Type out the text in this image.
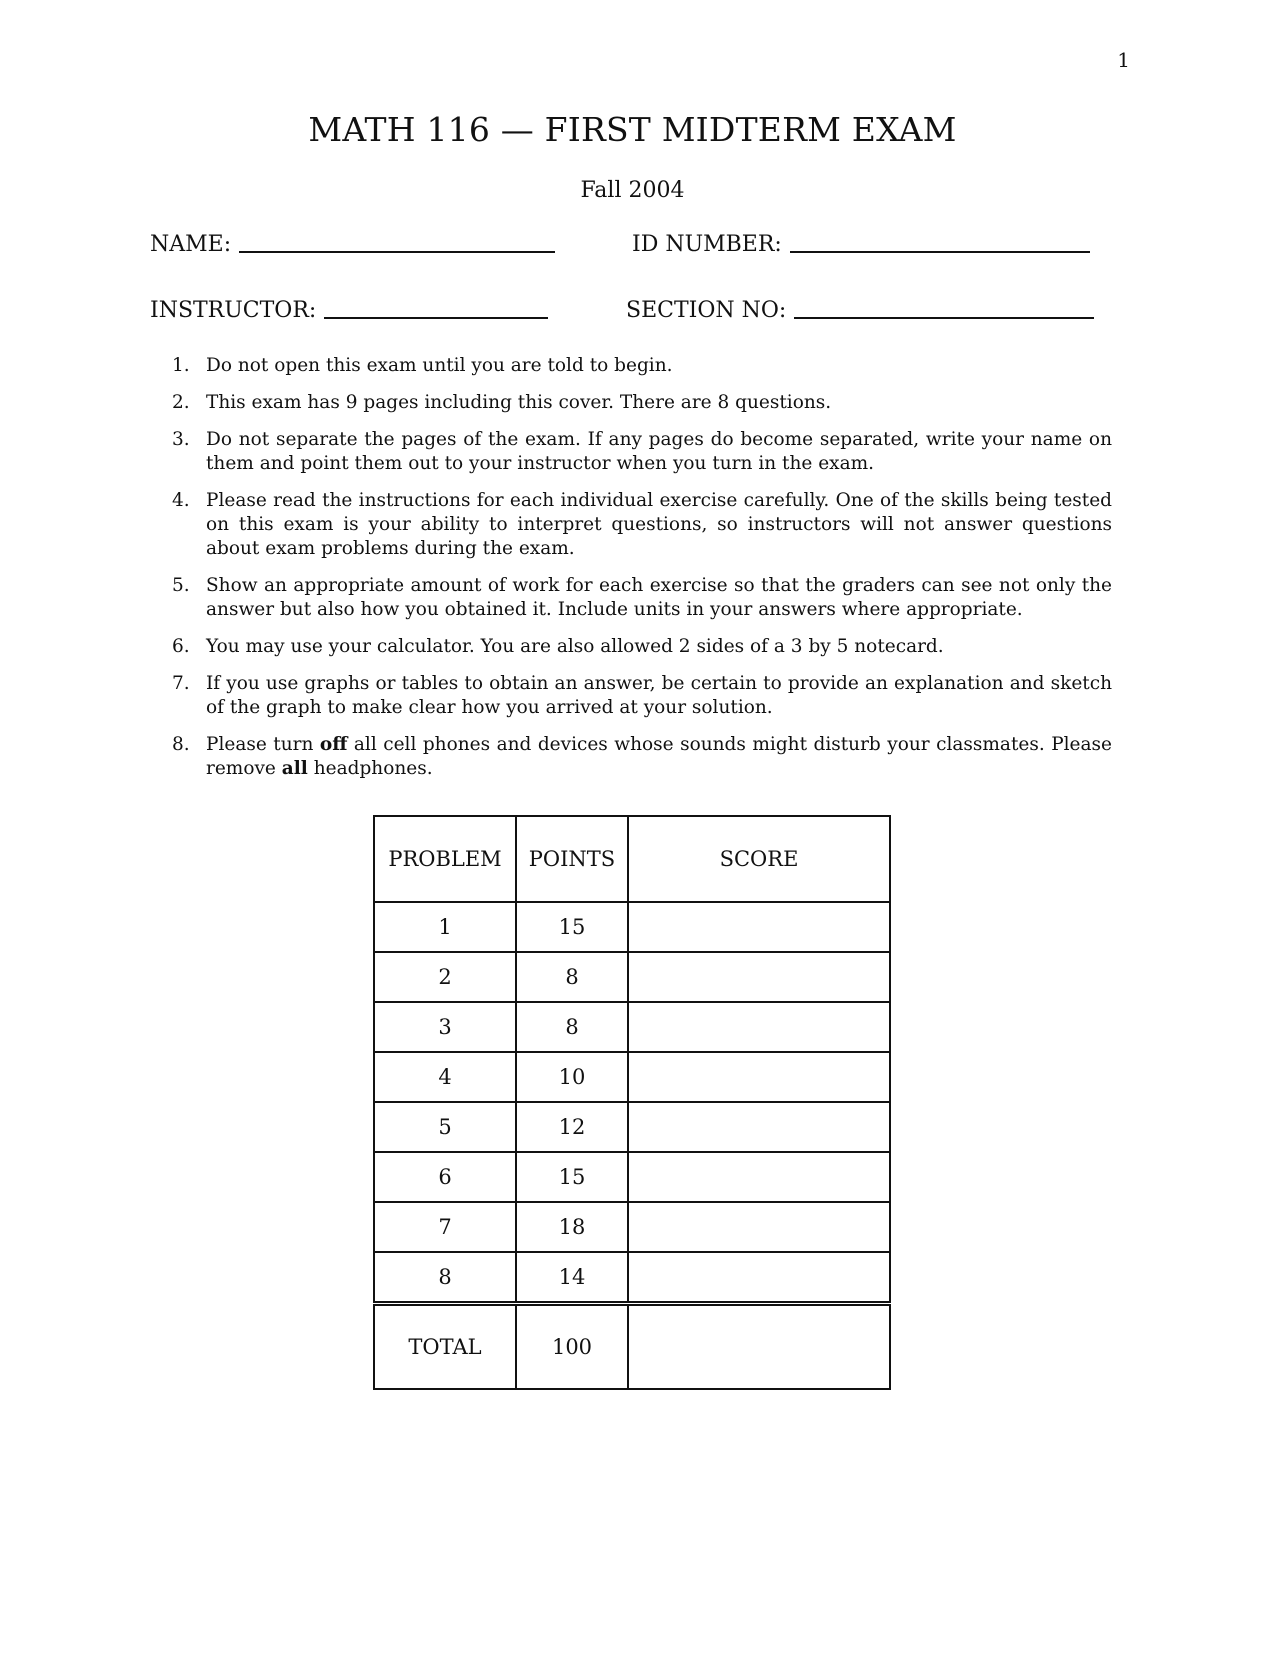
1
MATH 116 — FIRST MIDTERM EXAM
Fall 2004
NAME:	ID NUMBER:
INSTRUCTOR:	SECTION NO:
1. Do not open this exam until you are told to begin.
2. This exam has 9 pages including this cover. There are 8 questions.
3. Do not separate the pages of the exam. If any pages do become separated, write your name on them and point them out to your instructor when you turn in the exam.
4. Please read the instructions for each individual exercise carefully. One of the skills being tested on this exam is your ability to interpret questions, so instructors will not answer questions about exam problems during the exam.
5. Show an appropriate amount of work for each exercise so that the graders can see not only the answer but also how you obtained it. Include units in your answers where appropriate.
6. You may use your calculator. You are also allowed 2 sides of a 3 by 5 notecard.
7. If you use graphs or tables to obtain an answer, be certain to provide an explanation and sketch of the graph to make clear how you arrived at your solution.
8. Please turn off all cell phones and devices whose sounds might disturb your classmates. Please remove all headphones.
PROBLEM	POINTS	SCORE
1	15	
2	8	
3	8	
4	10	
5	12	
6	15	
7	18	
8	14	
TOTAL	100	
